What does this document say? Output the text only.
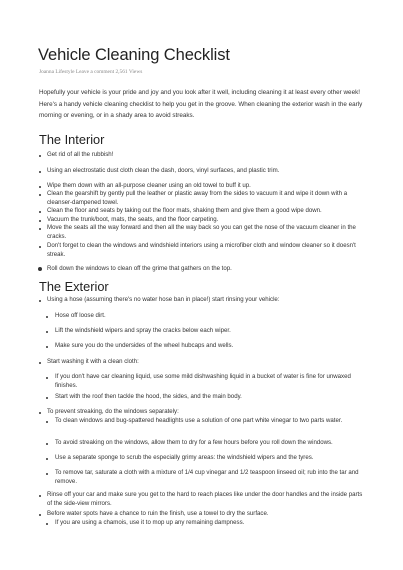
Vehicle Cleaning Checklist
Joanna Lifestyle Leave a comment 2,561 Views
Hopefully your vehicle is your pride and joy and you look after it well, including cleaning it at least every other week! Here's a handy vehicle cleaning checklist to help you get in the groove. When cleaning the exterior wash in the early morning or evening, or in a shady area to avoid streaks.
The Interior
Get rid of all the rubbish!
Using an electrostatic dust cloth clean the dash, doors, vinyl surfaces, and plastic trim.
Wipe them down with an all-purpose cleaner using an old towel to buff it up.
Clean the gearshift by gently pull the leather or plastic away from the sides to vacuum it and wipe it down with a cleanser-dampened towel.
Clean the floor and seats by taking out the floor mats, shaking them and give them a good wipe down.
Vacuum the trunk/boot, mats, the seats, and the floor carpeting.
Move the seats all the way forward and then all the way back so you can get the nose of the vacuum cleaner in the cracks.
Don't forget to clean the windows and windshield interiors using a microfiber cloth and window cleaner so it doesn't streak.
Roll down the windows to clean off the grime that gathers on the top.
The Exterior
Using a hose (assuming there's no water hose ban in place!) start rinsing your vehicle:
Hose off loose dirt.
Lift the windshield wipers and spray the cracks below each wiper.
Make sure you do the undersides of the wheel hubcaps and wells.
Start washing it with a clean cloth:
If you don't have car cleaning liquid, use some mild dishwashing liquid in a bucket of water is fine for unwaxed finishes.
Start with the roof then tackle the hood, the sides, and the main body.
To prevent streaking, do the windows separately:
To clean windows and bug-spattered headlights use a solution of one part white vinegar to two parts water.
To avoid streaking on the windows, allow them to dry for a few hours before you roll down the windows.
Use a separate sponge to scrub the especially grimy areas: the windshield wipers and the tyres.
To remove tar, saturate a cloth with a mixture of 1/4 cup vinegar and 1/2 teaspoon linseed oil; rub into the tar and remove.
Rinse off your car and make sure you get to the hard to reach places like under the door handles and the inside parts of the side-view mirrors.
Before water spots have a chance to ruin the finish, use a towel to dry the surface.
If you are using a chamois, use it to mop up any remaining dampness.
